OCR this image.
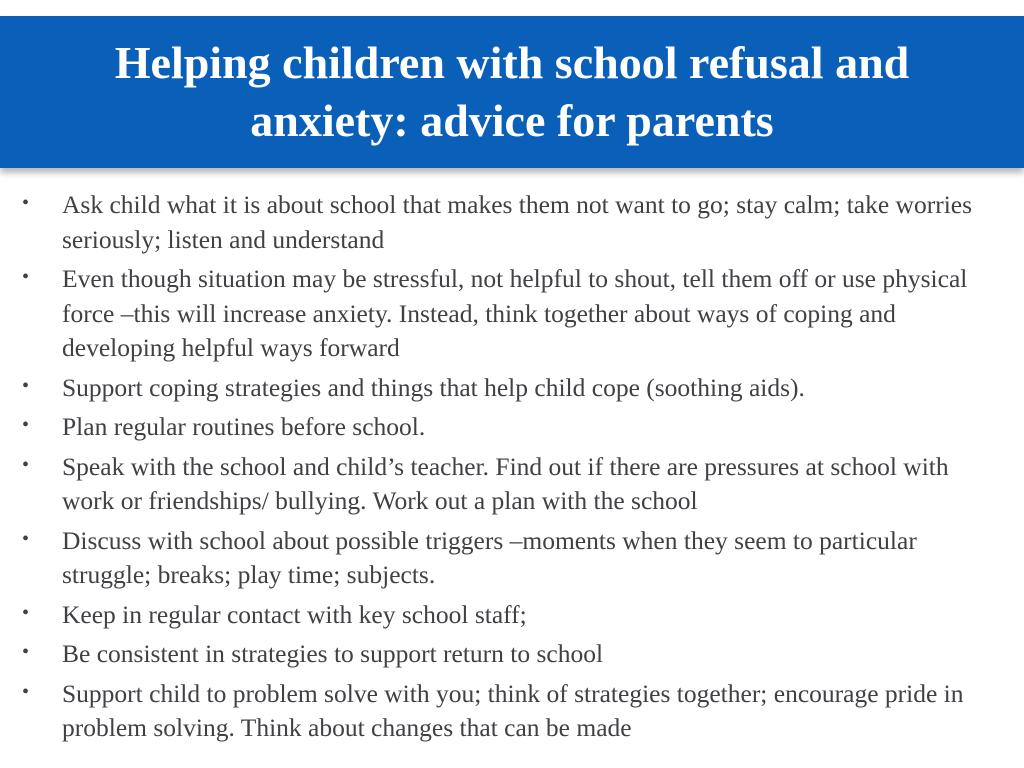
Helping children with school refusal and
anxiety: advice for parents
• Ask child what it is about school that makes them not want to go; stay calm; take worries seriously; listen and understand
• Even though situation may be stressful, not helpful to shout, tell them off or use physical force –this will increase anxiety. Instead, think together about ways of coping and developing helpful ways forward
• Support coping strategies and things that help child cope (soothing aids).
• Plan regular routines before school.
• Speak with the school and child’s teacher. Find out if there are pressures at school with work or friendships/ bullying. Work out a plan with the school
• Discuss with school about possible triggers –moments when they seem to particular struggle; breaks; play time; subjects.
• Keep in regular contact with key school staff;
• Be consistent in strategies to support return to school
• Support child to problem solve with you; think of strategies together; encourage pride in problem solving. Think about changes that can be made
